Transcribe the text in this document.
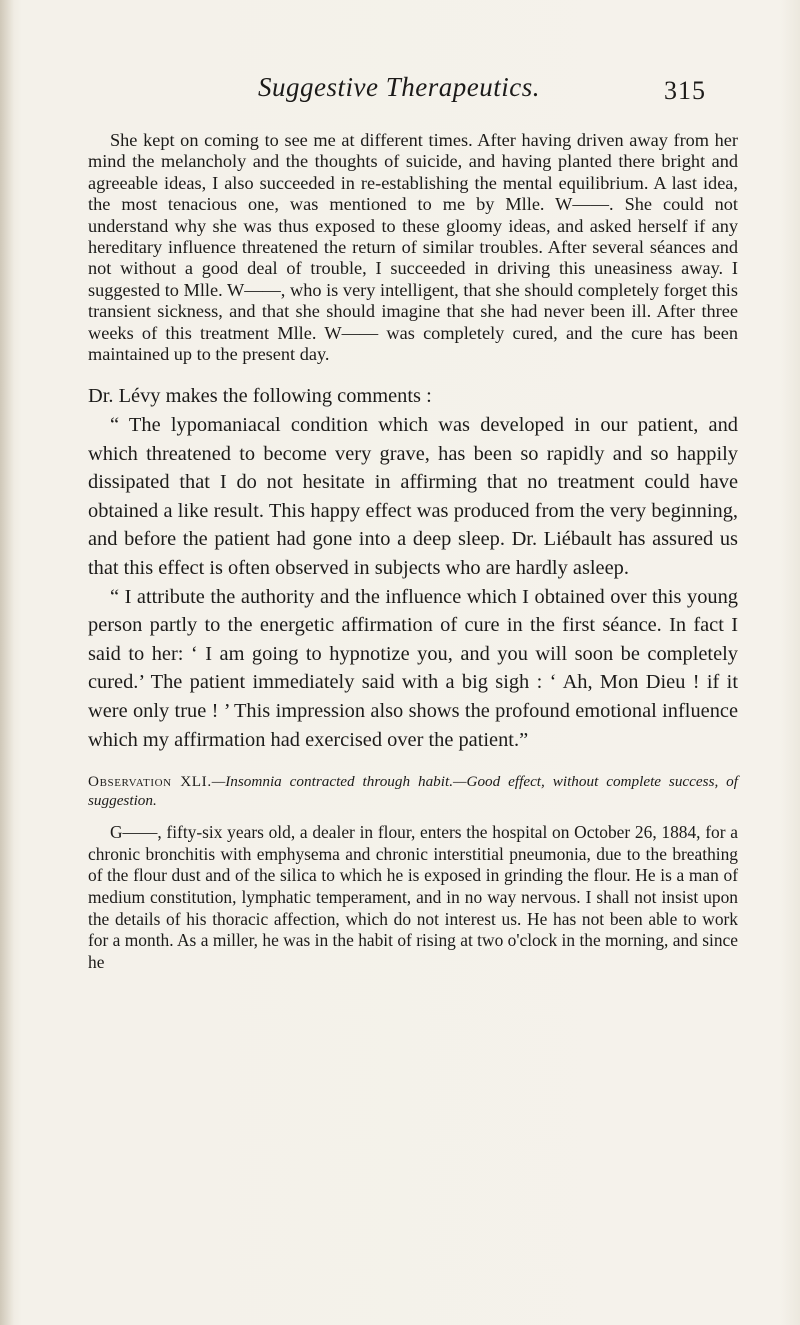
Suggestive Therapeutics.	315

She kept on coming to see me at different times. After having driven away from her mind the melancholy and the thoughts of suicide, and having planted there bright and agreeable ideas, I also succeeded in re-establishing the mental equilibrium. A last idea, the most tenacious one, was mentioned to me by Mlle. W——. She could not understand why she was thus exposed to these gloomy ideas, and asked herself if any hereditary influence threatened the return of similar troubles. After several séances and not without a good deal of trouble, I succeeded in driving this uneasiness away. I suggested to Mlle. W——, who is very intelligent, that she should completely forget this transient sickness, and that she should imagine that she had never been ill. After three weeks of this treatment Mlle. W—— was completely cured, and the cure has been maintained up to the present day.

Dr. Lévy makes the following comments :

“ The lypomaniacal condition which was developed in our patient, and which threatened to become very grave, has been so rapidly and so happily dissipated that I do not hesitate in affirming that no treatment could have obtained a like result. This happy effect was produced from the very beginning, and before the patient had gone into a deep sleep. Dr. Liébault has assured us that this effect is often observed in subjects who are hardly asleep.

“ I attribute the authority and the influence which I obtained over this young person partly to the energetic affirmation of cure in the first séance. In fact I said to her: ‘ I am going to hypnotize you, and you will soon be completely cured.’ The patient immediately said with a big sigh : ‘ Ah, Mon Dieu ! if it were only true ! ’ This impression also shows the profound emotional influence which my affirmation had exercised over the patient.”

Observation XLI.—Insomnia contracted through habit.—Good effect, without complete success, of suggestion.

G——, fifty-six years old, a dealer in flour, enters the hospital on October 26, 1884, for a chronic bronchitis with emphysema and chronic interstitial pneumonia, due to the breathing of the flour dust and of the silica to which he is exposed in grinding the flour. He is a man of medium constitution, lymphatic temperament, and in no way nervous. I shall not insist upon the details of his thoracic affection, which do not interest us. He has not been able to work for a month. As a miller, he was in the habit of rising at two o'clock in the morning, and since he
